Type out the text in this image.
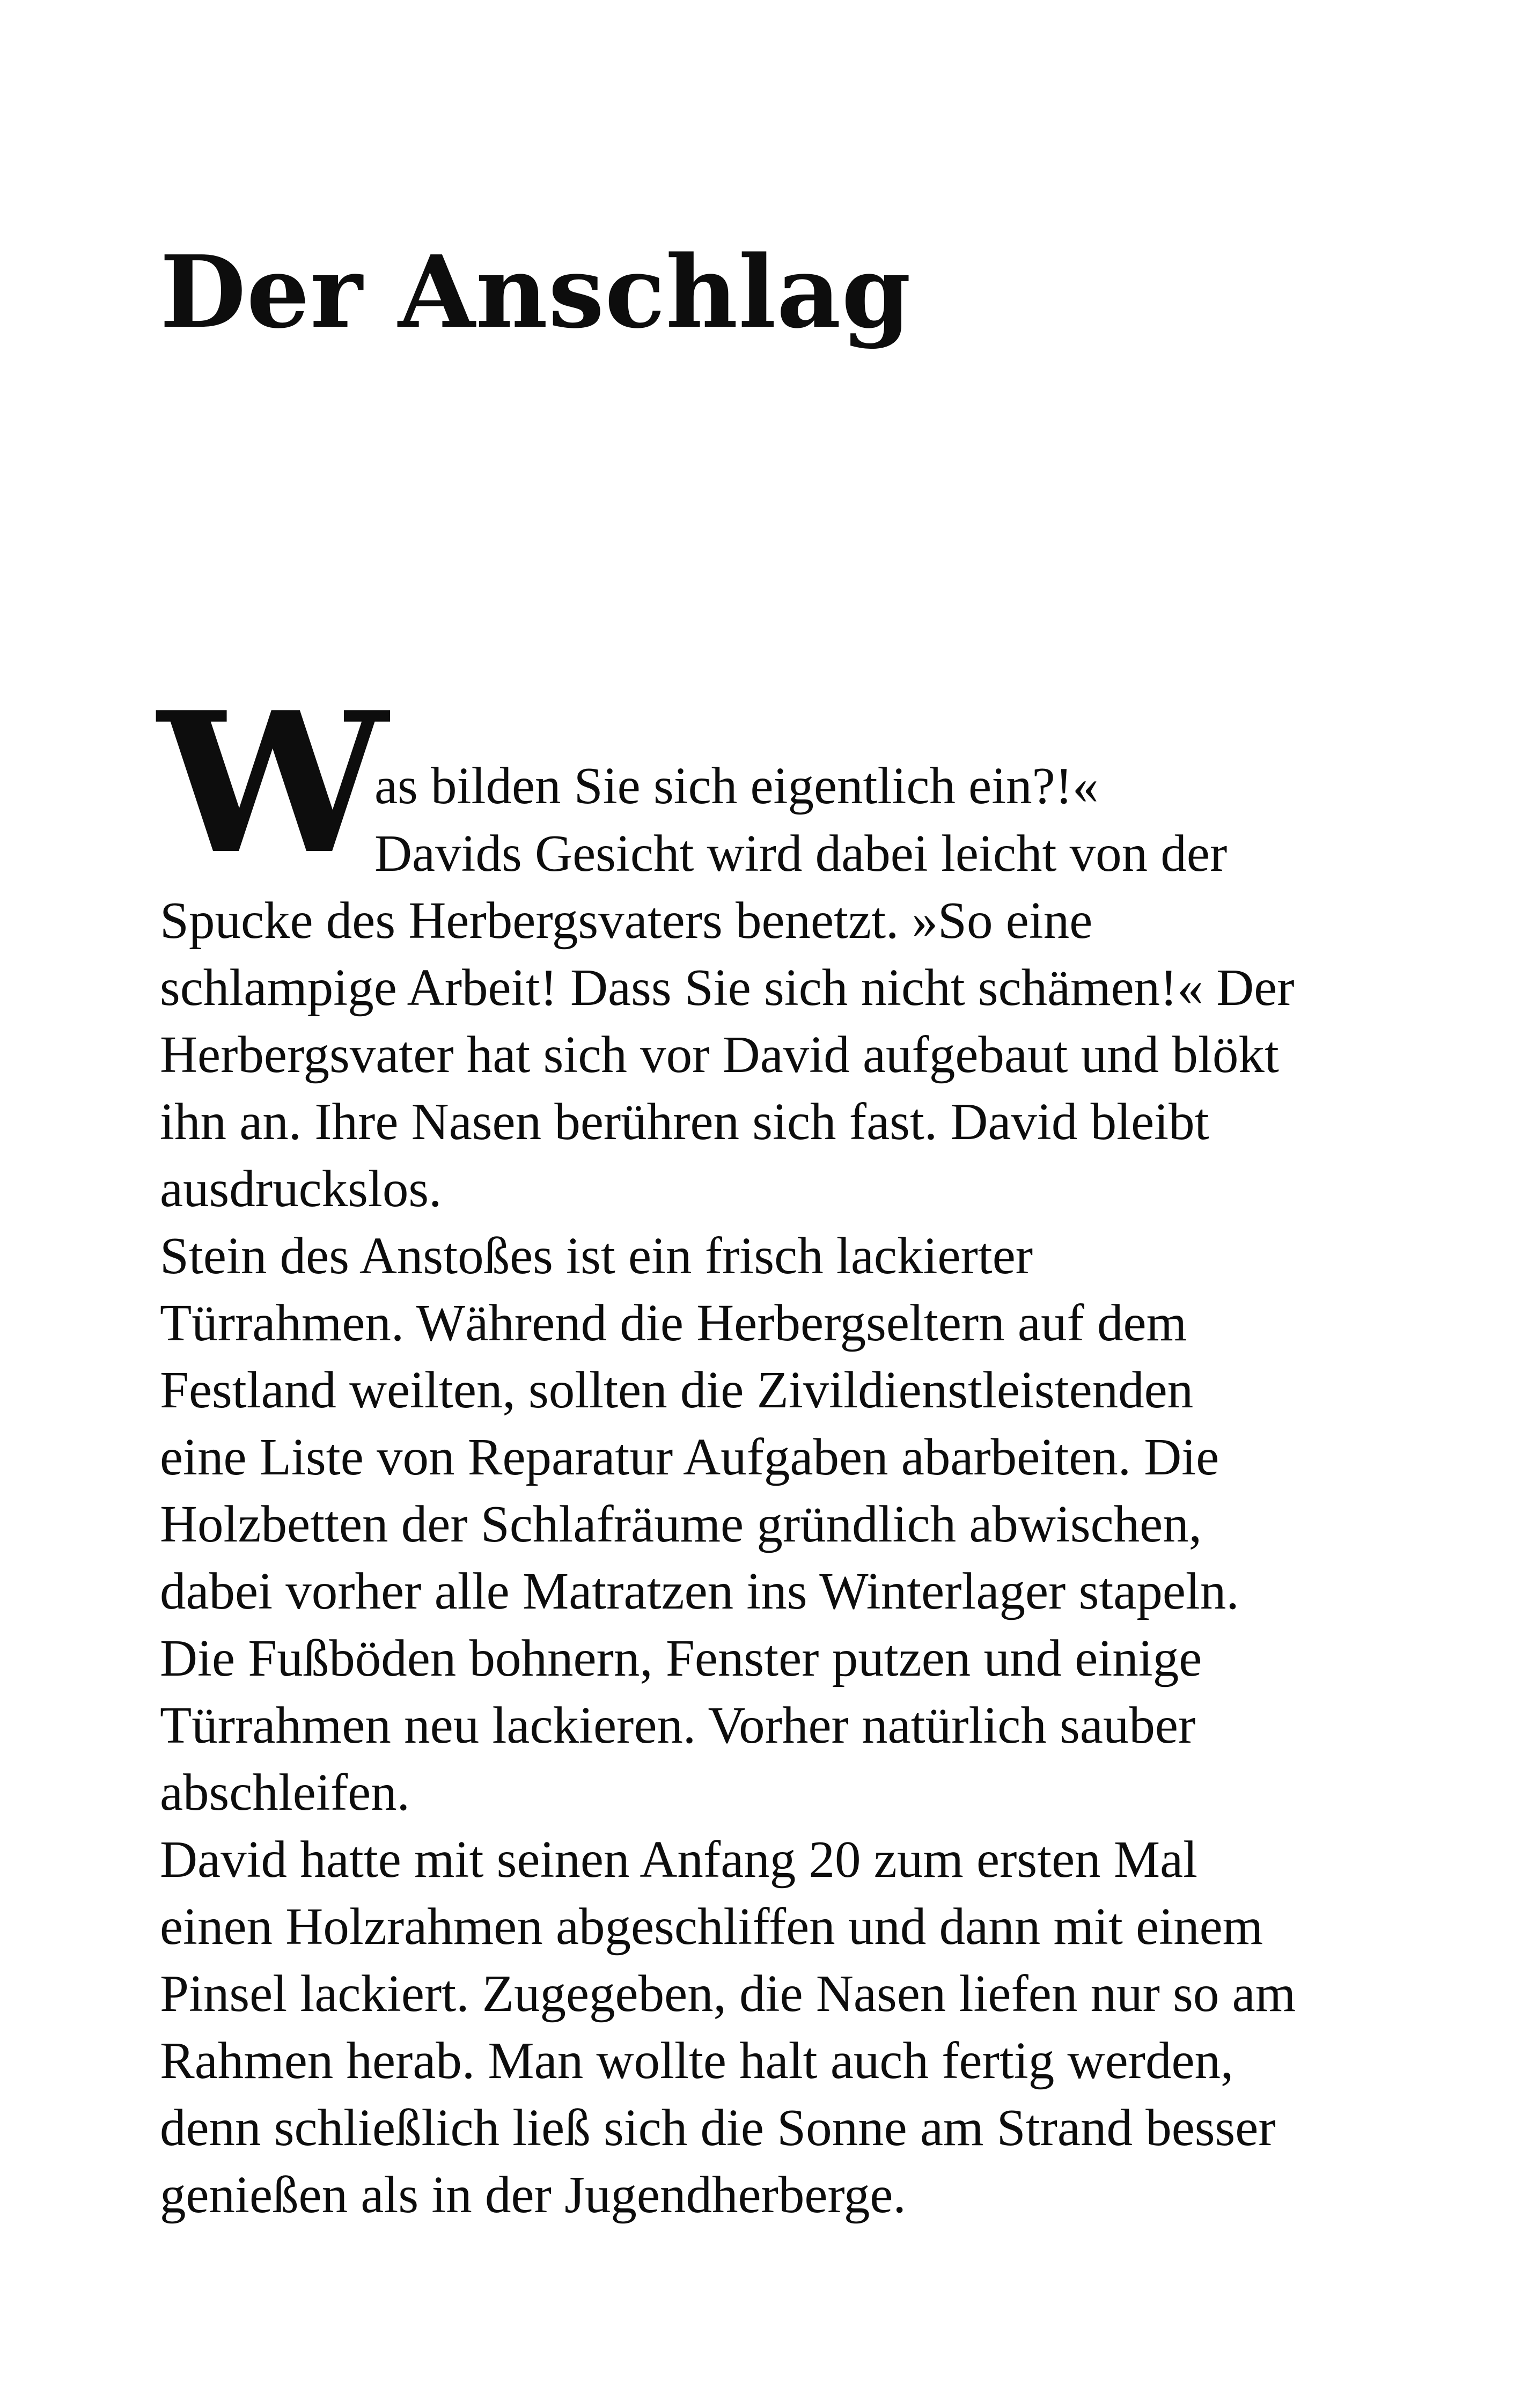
Der Anschlag
W
as bilden Sie sich eigentlich ein?!«
Davids Gesicht wird dabei leicht von der
Spucke des Herbergsvaters benetzt. »So eine
schlampige Arbeit! Dass Sie sich nicht schämen!« Der
Herbergsvater hat sich vor David aufgebaut und blökt
ihn an. Ihre Nasen berühren sich fast. David bleibt
ausdruckslos.
Stein des Anstoßes ist ein frisch lackierter
Türrahmen. Während die Herbergseltern auf dem
Festland weilten, sollten die Zivildienstleistenden
eine Liste von Reparatur Aufgaben abarbeiten. Die
Holzbetten der Schlafräume gründlich abwischen,
dabei vorher alle Matratzen ins Winterlager stapeln.
Die Fußböden bohnern, Fenster putzen und einige
Türrahmen neu lackieren. Vorher natürlich sauber
abschleifen.
David hatte mit seinen Anfang 20 zum ersten Mal
einen Holzrahmen abgeschliffen und dann mit einem
Pinsel lackiert. Zugegeben, die Nasen liefen nur so am
Rahmen herab. Man wollte halt auch fertig werden,
denn schließlich ließ sich die Sonne am Strand besser
genießen als in der Jugendherberge.
